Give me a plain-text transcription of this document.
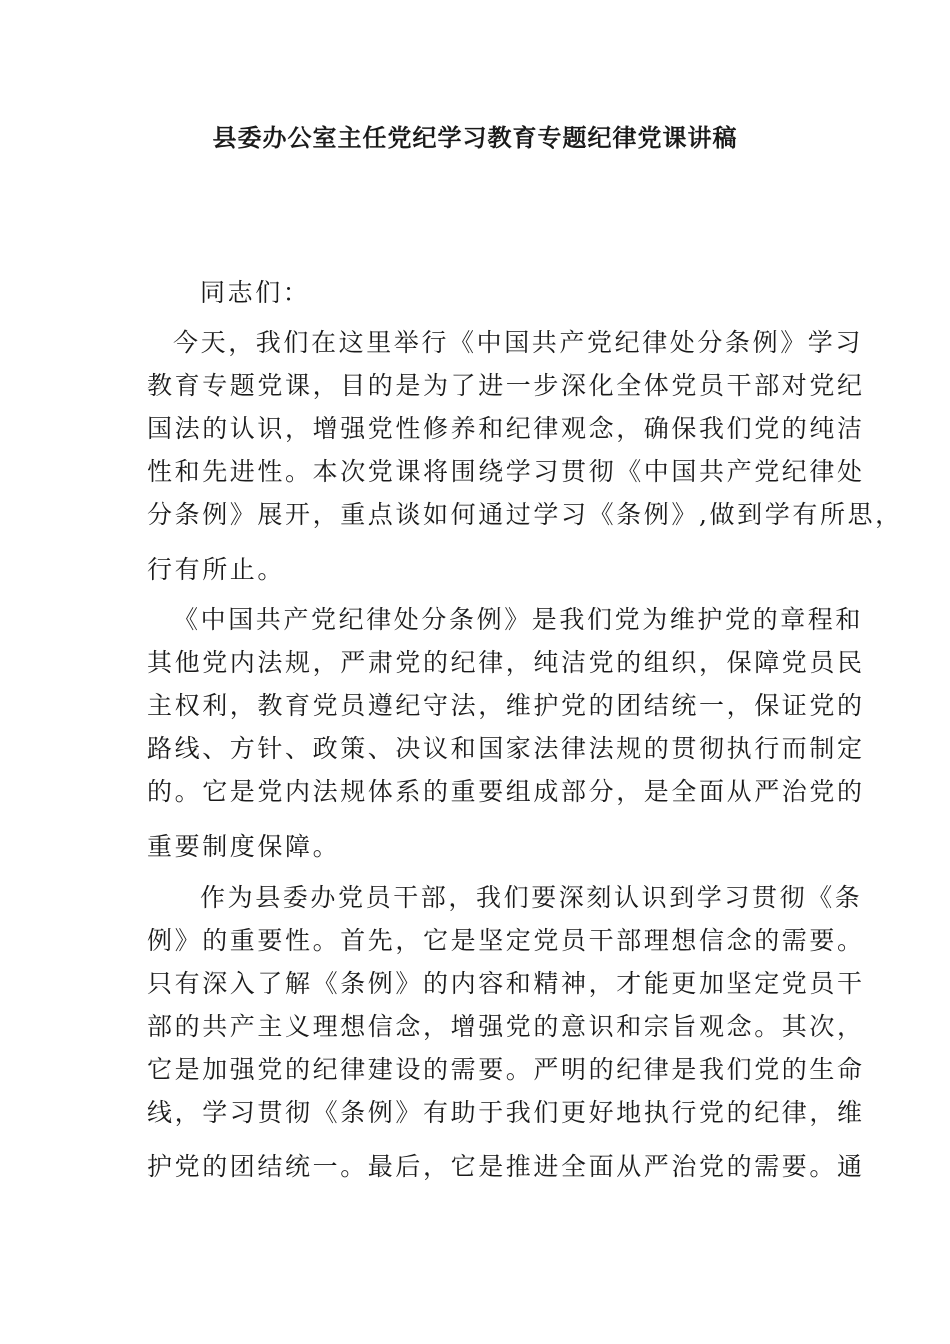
县委办公室主任党纪学习教育专题纪律党课讲稿

同志们：

今天，我们在这里举行《中国共产党纪律处分条例》学习

教育专题党课，目的是为了进一步深化全体党员干部对党纪

国法的认识，增强党性修养和纪律观念，确保我们党的纯洁

性和先进性。本次党课将围绕学习贯彻《中国共产党纪律处

分条例》展开，重点谈如何通过学习《条例》,做到学有所思，

行有所止。

《中国共产党纪律处分条例》是我们党为维护党的章程和

其他党内法规，严肃党的纪律，纯洁党的组织，保障党员民

主权利，教育党员遵纪守法，维护党的团结统一，保证党的

路线、方针、政策、决议和国家法律法规的贯彻执行而制定

的。它是党内法规体系的重要组成部分，是全面从严治党的

重要制度保障。

作为县委办党员干部，我们要深刻认识到学习贯彻《条

例》的重要性。首先，它是坚定党员干部理想信念的需要。

只有深入了解《条例》的内容和精神，才能更加坚定党员干

部的共产主义理想信念，增强党的意识和宗旨观念。其次，

它是加强党的纪律建设的需要。严明的纪律是我们党的生命

线，学习贯彻《条例》有助于我们更好地执行党的纪律，维

护党的团结统一。最后，它是推进全面从严治党的需要。通
